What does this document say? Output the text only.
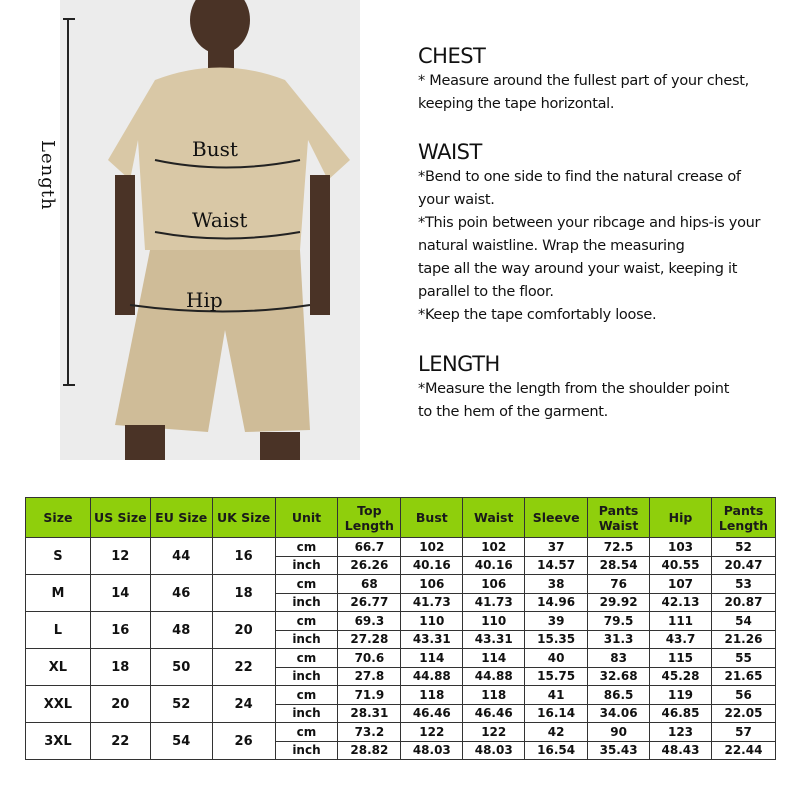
Length	Bust
Waist
Hip
CHEST

* Measure around the fullest part of your chest,

keeping the tape horizontal.

WAIST

*Bend to one side to find the natural crease of

your waist.

*This poin between your ribcage and hips-is your

natural waistline. Wrap the measuring

tape all the way around your waist, keeping it

parallel to the floor.

*Keep the tape comfortably loose.

LENGTH

*Measure the length from the shoulder point

to the hem of the garment.

Size	US Size	EU Size	UK Size	Unit	Top Length	Bust	Waist	Sleeve	Pants Waist	Hip	Pants Length
S	12	44	16	cm	66.7	102	102	37	72.5	103	52
				inch	26.26	40.16	40.16	14.57	28.54	40.55	20.47
M	14	46	18	cm	68	106	106	38	76	107	53
				inch	26.77	41.73	41.73	14.96	29.92	42.13	20.87
L	16	48	20	cm	69.3	110	110	39	79.5	111	54
				inch	27.28	43.31	43.31	15.35	31.3	43.7	21.26
XL	18	50	22	cm	70.6	114	114	40	83	115	55
				inch	27.8	44.88	44.88	15.75	32.68	45.28	21.65
XXL	20	52	24	cm	71.9	118	118	41	86.5	119	56
				inch	28.31	46.46	46.46	16.14	34.06	46.85	22.05
3XL	22	54	26	cm	73.2	122	122	42	90	123	57
				inch	28.82	48.03	48.03	16.54	35.43	48.43	22.44
